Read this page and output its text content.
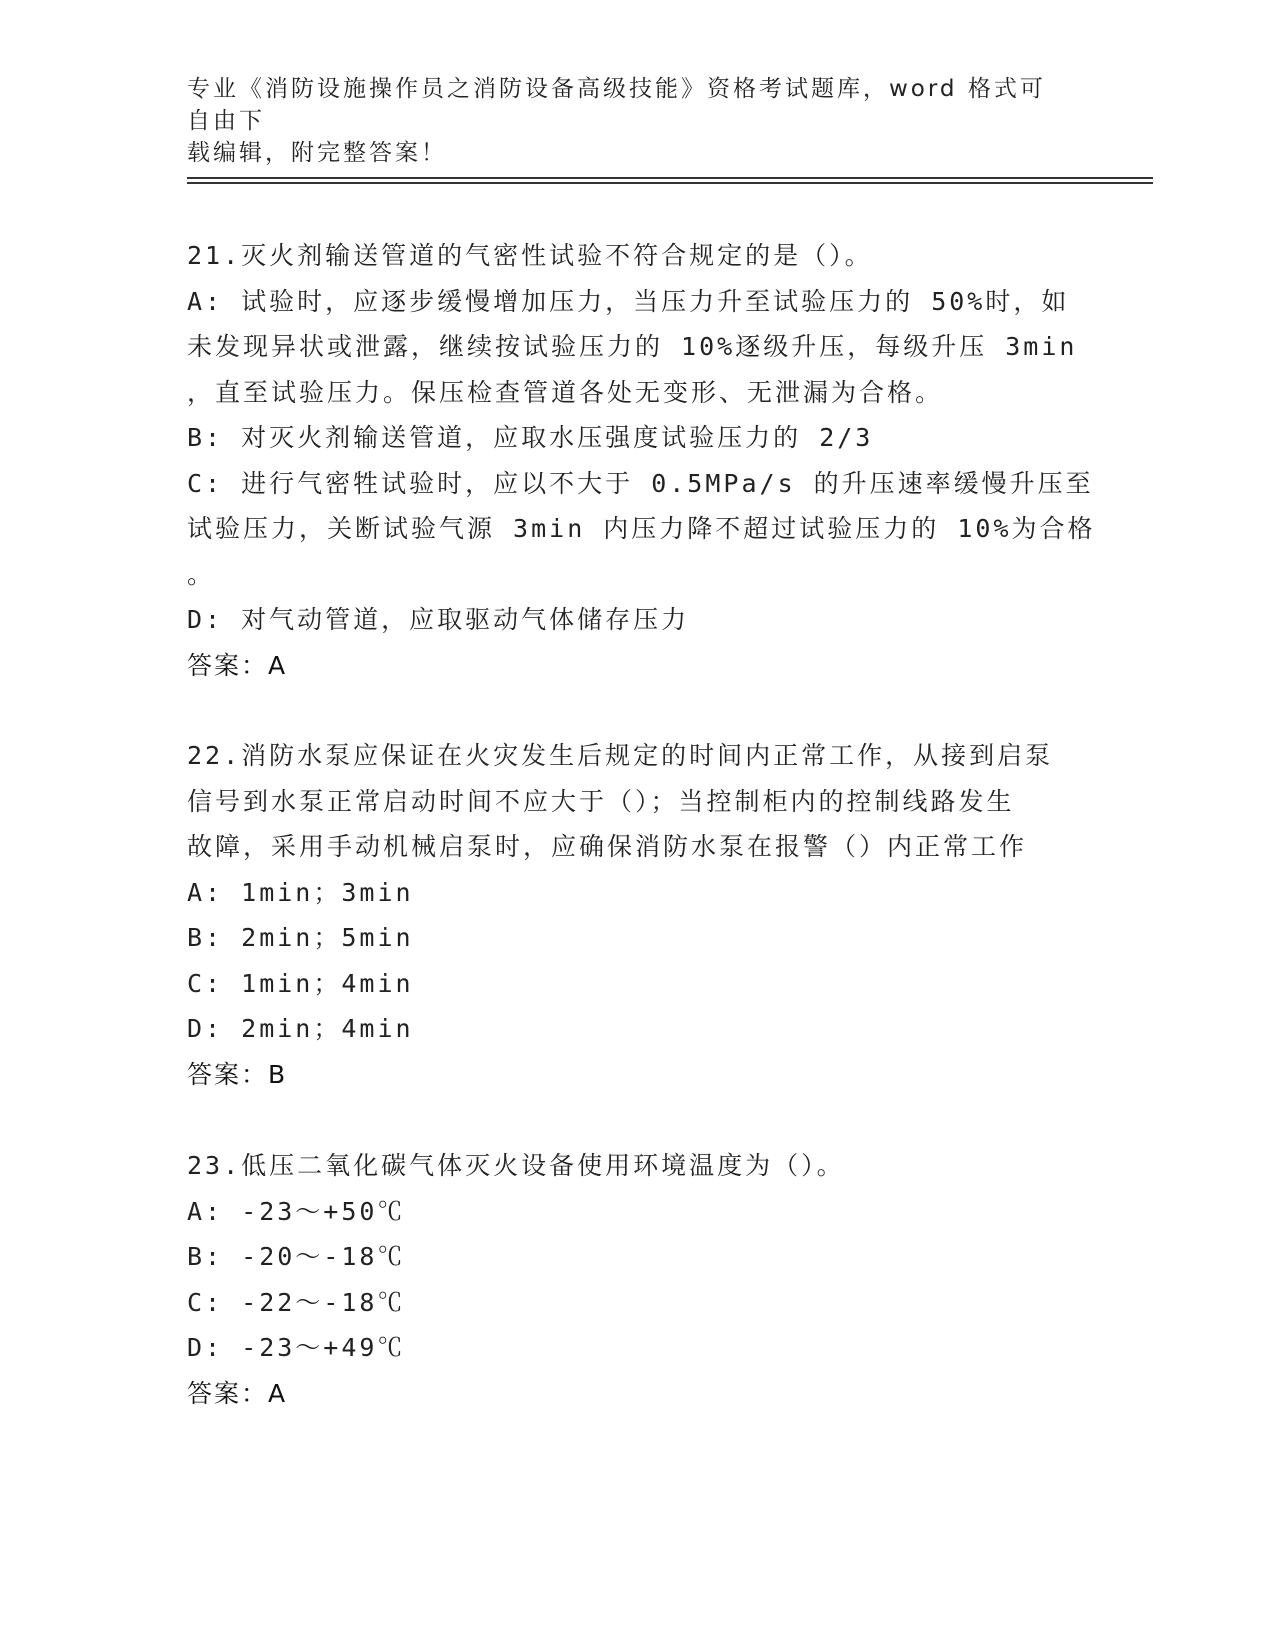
专业《消防设施操作员之消防设备高级技能》资格考试题库，word 格式可自由下
载编辑，附完整答案！
21.灭火剂输送管道的气密性试验不符合规定的是（）。
A: 试验时，应逐步缓慢增加压力，当压力升至试验压力的 50%时，如
未发现异状或泄露，继续按试验压力的 10%逐级升压，每级升压 3min
，直至试验压力。保压检查管道各处无变形、无泄漏为合格。
B: 对灭火剂输送管道，应取水压强度试验压力的 2/3
C: 进行气密牲试验时，应以不大于 0.5MPa/s 的升压速率缓慢升压至
试验压力，关断试验气源 3min 内压力降不超过试验压力的 10%为合格
。
D: 对气动管道，应取驱动气体储存压力
答案：A
22.消防水泵应保证在火灾发生后规定的时间内正常工作，从接到启泵
信号到水泵正常启动时间不应大于（）；当控制柜内的控制线路发生
故障，采用手动机械启泵时，应确保消防水泵在报警（）内正常工作
A: 1min；3min
B: 2min；5min
C: 1min；4min
D: 2min；4min
答案：B
23.低压二氧化碳气体灭火设备使用环境温度为（）。
A: -23～+50℃
B: -20～-18℃
C: -22～-18℃
D: -23～+49℃
答案：A
